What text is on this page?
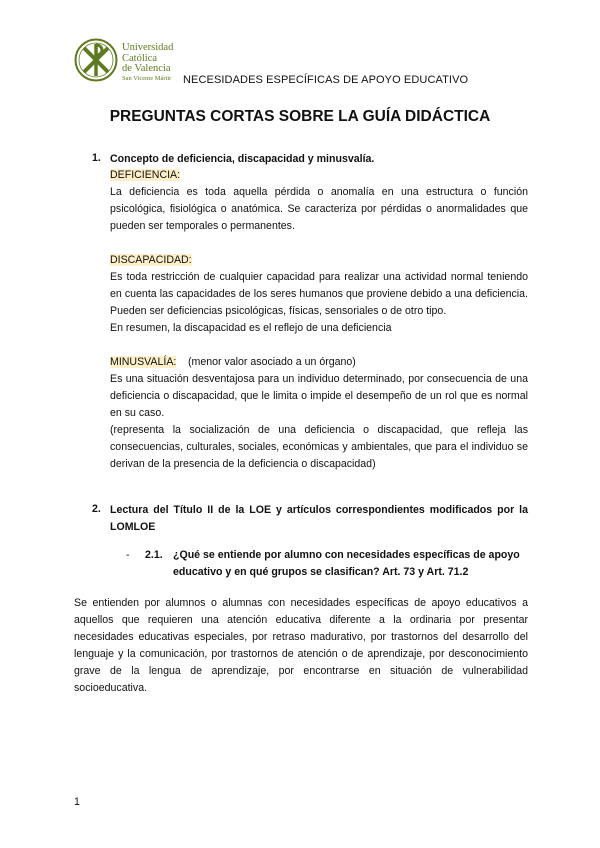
Universidad
Católica
de Valencia
San Vicente Mártir NECESIDADES ESPECÍFICAS DE APOYO EDUCATIVO
PREGUNTAS CORTAS SOBRE LA GUÍA DIDÁCTICA
1. Concepto de deficiencia, discapacidad y minusvalía.
DEFICIENCIA:
La deficiencia es toda aquella pérdida o anomalía en una estructura o función psicológica, fisiológica o anatómica. Se caracteriza por pérdidas o anormalidades que pueden ser temporales o permanentes.
DISCAPACIDAD:
Es toda restricción de cualquier capacidad para realizar una actividad normal teniendo en cuenta las capacidades de los seres humanos que proviene debido a una deficiencia. Pueden ser deficiencias psicológicas, físicas, sensoriales o de otro tipo.
En resumen, la discapacidad es el reflejo de una deficiencia
MINUSVALÍA: (menor valor asociado a un órgano)
Es una situación desventajosa para un individuo determinado, por consecuencia de una deficiencia o discapacidad, que le limita o impide el desempeño de un rol que es normal en su caso.
(representa la socialización de una deficiencia o discapacidad, que refleja las consecuencias, culturales, sociales, económicas y ambientales, que para el individuo se derivan de la presencia de la deficiencia o discapacidad)
2. Lectura del Título II de la LOE y artículos correspondientes modificados por la LOMLOE
- 2.1. ¿Qué se entiende por alumno con necesidades específicas de apoyo educativo y en qué grupos se clasifican? Art. 73 y Art. 71.2
Se entienden por alumnos o alumnas con necesidades específicas de apoyo educativos a aquellos que requieren una atención educativa diferente a la ordinaria por presentar necesidades educativas especiales, por retraso madurativo, por trastornos del desarrollo del lenguaje y la comunicación, por trastornos de atención o de aprendizaje, por desconocimiento grave de la lengua de aprendizaje, por encontrarse en situación de vulnerabilidad socioeducativa.
1
